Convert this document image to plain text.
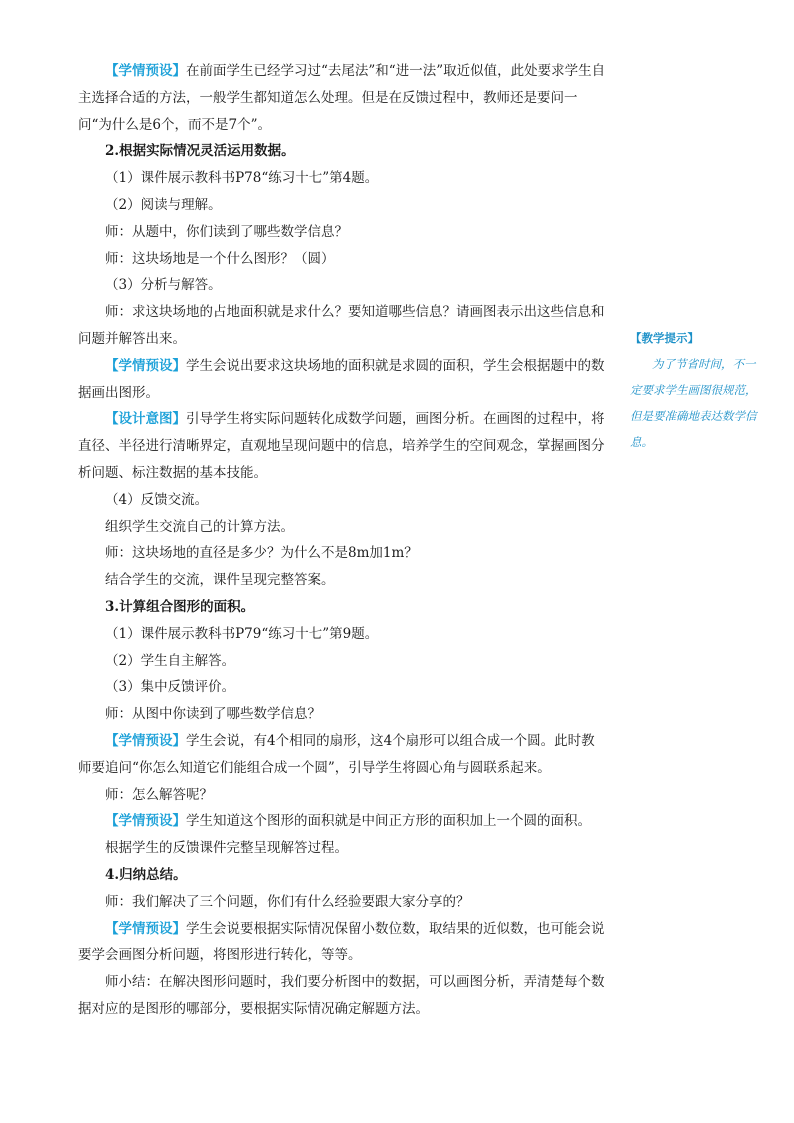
【学情预设】在前面学生已经学习过“去尾法”和“进一法”取近似值，此处要求学生自主选择合适的方法，一般学生都知道怎么处理。但是在反馈过程中，教师还是要问一问“为什么是6个，而不是7个”。

2.根据实际情况灵活运用数据。

（1）课件展示教科书P78“练习十七”第4题。

（2）阅读与理解。

师：从题中，你们读到了哪些数学信息？

师：这块场地是一个什么图形？（圆）

（3）分析与解答。

师：求这块场地的占地面积就是求什么？要知道哪些信息？请画图表示出这些信息和问题并解答出来。

【学情预设】学生会说出要求这块场地的面积就是求圆的面积，学生会根据题中的数据画出图形。

【设计意图】引导学生将实际问题转化成数学问题，画图分析。在画图的过程中，将直径、半径进行清晰界定，直观地呈现问题中的信息，培养学生的空间观念，掌握画图分析问题、标注数据的基本技能。

（4）反馈交流。

组织学生交流自己的计算方法。

师：这块场地的直径是多少？为什么不是8m加1m？

结合学生的交流，课件呈现完整答案。

3.计算组合图形的面积。

（1）课件展示教科书P79“练习十七”第9题。

（2）学生自主解答。

（3）集中反馈评价。

师：从图中你读到了哪些数学信息？

【学情预设】学生会说，有4个相同的扇形，这4个扇形可以组合成一个圆。此时教师要追问“你怎么知道它们能组合成一个圆”，引导学生将圆心角与圆联系起来。

师：怎么解答呢？

【学情预设】学生知道这个图形的面积就是中间正方形的面积加上一个圆的面积。

根据学生的反馈课件完整呈现解答过程。

4.归纳总结。

师：我们解决了三个问题，你们有什么经验要跟大家分享的？

【学情预设】学生会说要根据实际情况保留小数位数，取结果的近似数，也可能会说要学会画图分析问题，将图形进行转化，等等。

师小结：在解决图形问题时，我们要分析图中的数据，可以画图分析，弄清楚每个数据对应的是图形的哪部分，要根据实际情况确定解题方法。

【教学提示】
为了节省时间，不一定要求学生画图很规范，但是要准确地表达数学信息。
